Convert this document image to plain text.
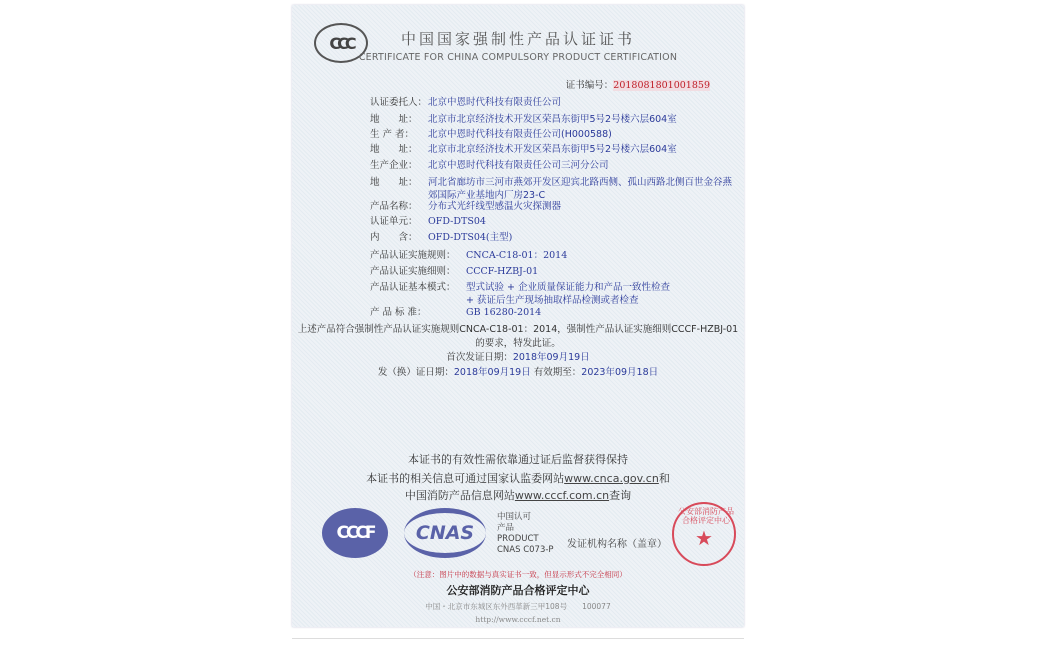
CCC	中国国家强制性产品认证证书
CERTIFICATE FOR CHINA COMPULSORY PRODUCT CERTIFICATION
证书编号：2018081801001859
认证委托人：北京中恩时代科技有限责任公司
地　　址： 北京市北京经济技术开发区荣昌东街甲5号2号楼六层604室
生 产 者： 北京中恩时代科技有限责任公司(H000588)
地　　址： 北京市北京经济技术开发区荣昌东街甲5号2号楼六层604室
生产企业： 北京中恩时代科技有限责任公司三河分公司
地　　址： 河北省廊坊市三河市燕郊开发区迎宾北路西侧、孤山西路北侧百世金谷燕
郊国际产业基地内厂房23-C
产品名称： 分布式光纤线型感温火灾探测器
认证单元： OFD-DTS04
内　　含： OFD-DTS04(主型)
产品认证实施规则： CNCA-C18-01：2014
产品认证实施细则： CCCF-HZBJ-01
产品认证基本模式： 型式试验 + 企业质量保证能力和产品一致性检查
+ 获证后生产现场抽取样品检测或者检查
产 品 标 准：	GB 16280-2014
上述产品符合强制性产品认证实施规则CNCA-C18-01：2014，强制性产品认证实施细则CCCF-HZBJ-01
的要求，特发此证。
首次发证日期：2018年09月19日
发（换）证日期：2018年09月19日 有效期至：2023年09月18日
本证书的有效性需依靠通过证后监督获得保持
本证书的相关信息可通过国家认监委网站www.cnca.gov.cn和
中国消防产品信息网站www.cccf.com.cn查询
CCCF	CNAS
中国认可
产品
PRODUCT
CNAS C073-P 发证机构名称（盖章）
公安部消防产品合格评定中心
★
（注意：图片中的数据与真实证书一致，但显示形式不完全相同）
公安部消防产品合格评定中心
中国・北京市东城区东外西革新三甲108号　　100077
http://www.cccf.net.cn
